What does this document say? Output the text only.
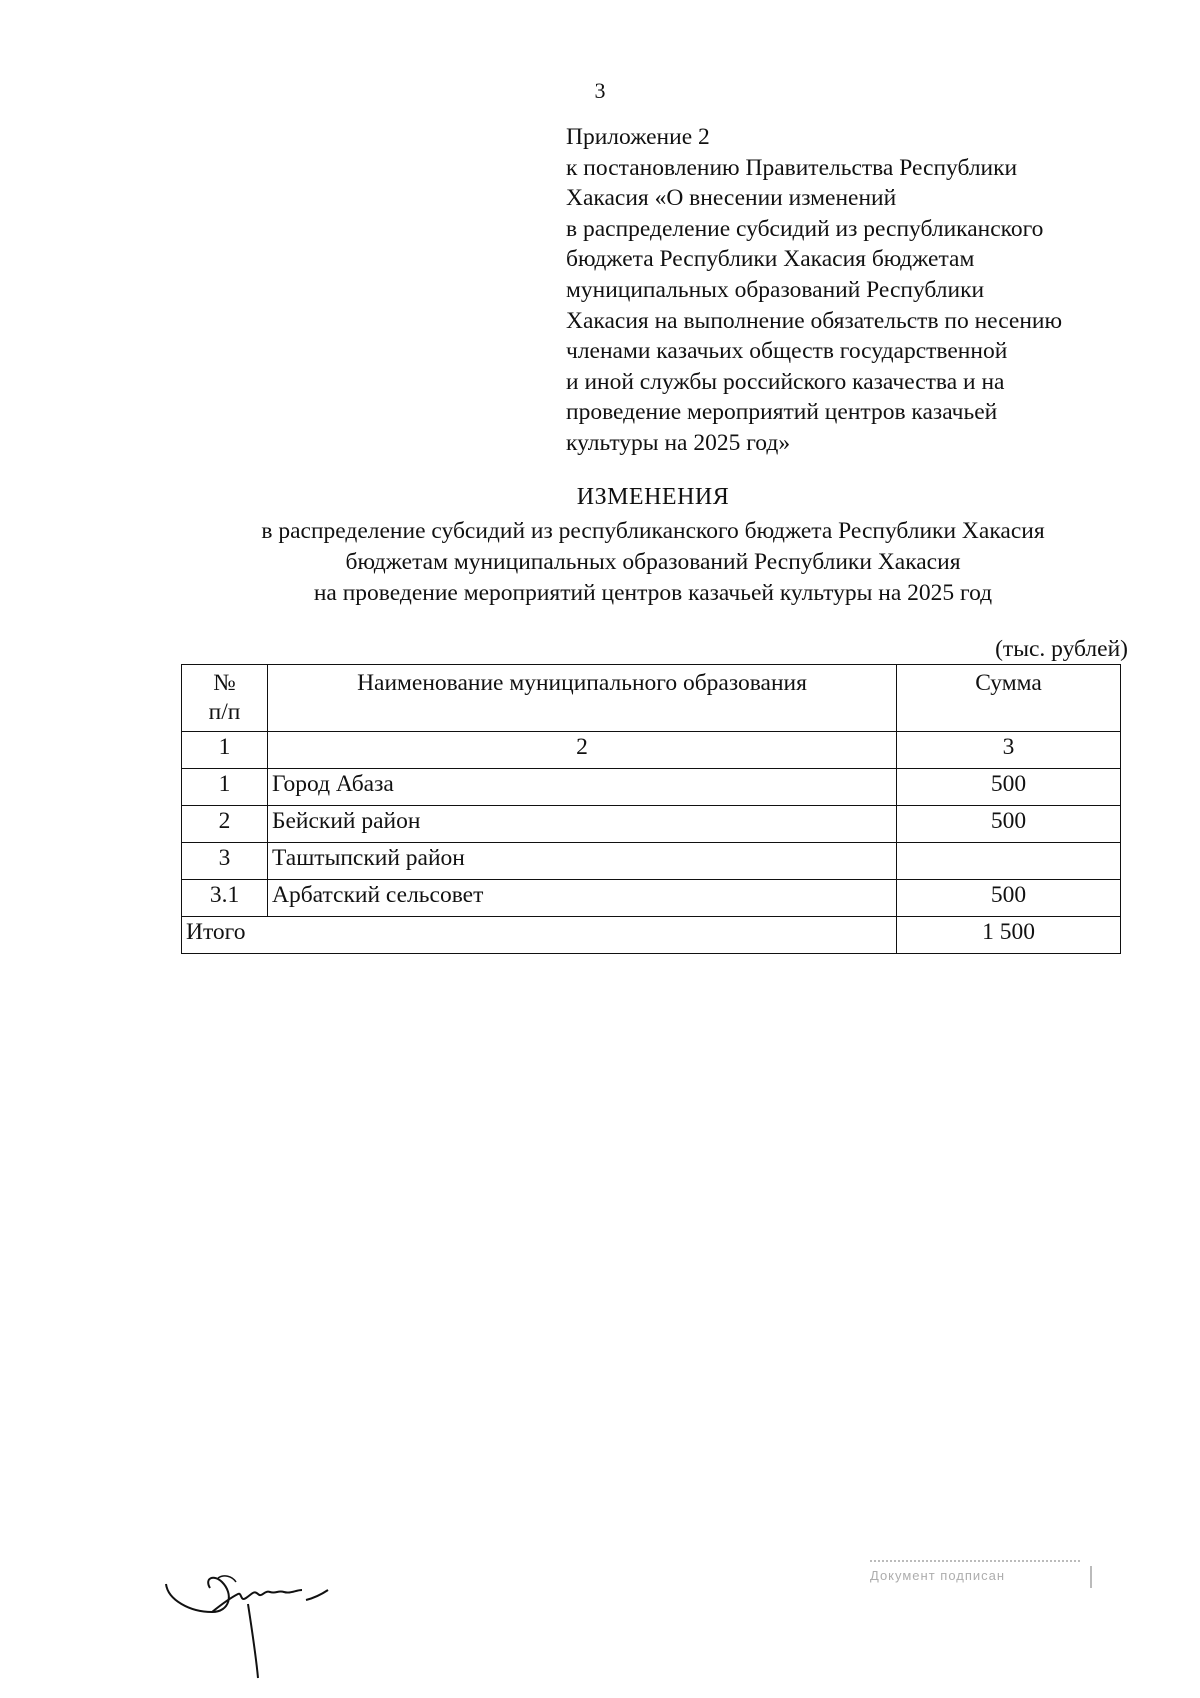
3
Приложение 2
к постановлению Правительства Республики
Хакасия «О внесении изменений
в распределение субсидий из республиканского
бюджета Республики Хакасия бюджетам
муниципальных образований Республики
Хакасия на выполнение обязательств по несению
членами казачьих обществ государственной
и иной службы российского казачества и на
проведение мероприятий центров казачьей
культуры на 2025 год»
ИЗМЕНЕНИЯ
в распределение субсидий из республиканского бюджета Республики Хакасия
бюджетам муниципальных образований Республики Хакасия
на проведение мероприятий центров казачьей культуры на 2025 год
(тыс. рублей)
№
п/п	Наименование муниципального образования	Сумма
1	2	3
1	Город Абаза	500
2	Бейский район	500
3	Таштыпский район	
3.1	Арбатский сельсовет	500
Итого		1 500
Документ подписан
